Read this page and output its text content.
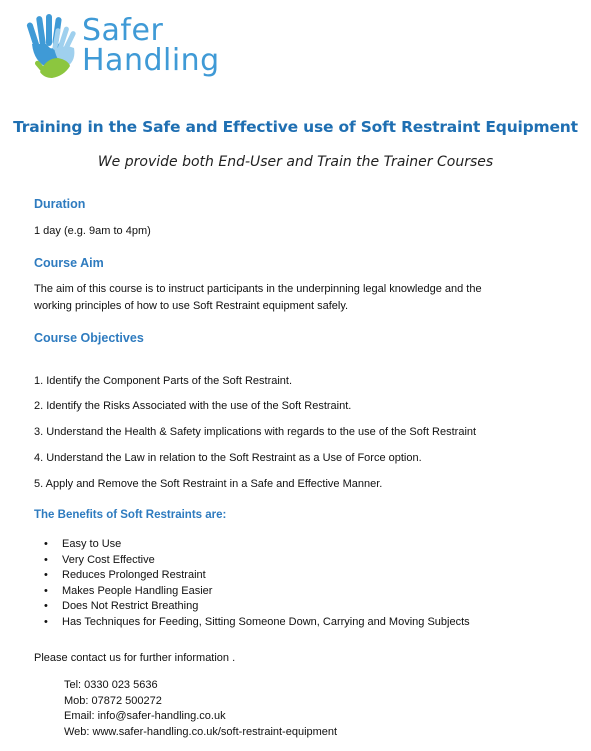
Safer
Handling
Training in the Safe and Effective use of Soft Restraint Equipment
We provide both End-User and Train the Trainer Courses
Duration
1 day (e.g. 9am to 4pm)
Course Aim
The aim of this course is to instruct participants in the underpinning legal knowledge and the
working principles of how to use Soft Restraint equipment safely.
Course Objectives
1. Identify the Component Parts of the Soft Restraint.
2. Identify the Risks Associated with the use of the Soft Restraint.
3. Understand the Health & Safety implications with regards to the use of the Soft Restraint
4. Understand the Law in relation to the Soft Restraint as a Use of Force option.
5. Apply and Remove the Soft Restraint in a Safe and Effective Manner.
The Benefits of Soft Restraints are:
• Easy to Use
• Very Cost Effective
• Reduces Prolonged Restraint
• Makes People Handling Easier
• Does Not Restrict Breathing
• Has Techniques for Feeding, Sitting Someone Down, Carrying and Moving Subjects
Please contact us for further information .
Tel: 0330 023 5636
Mob: 07872 500272
Email: info@safer-handling.co.uk
Web: www.safer-handling.co.uk/soft-restraint-equipment
